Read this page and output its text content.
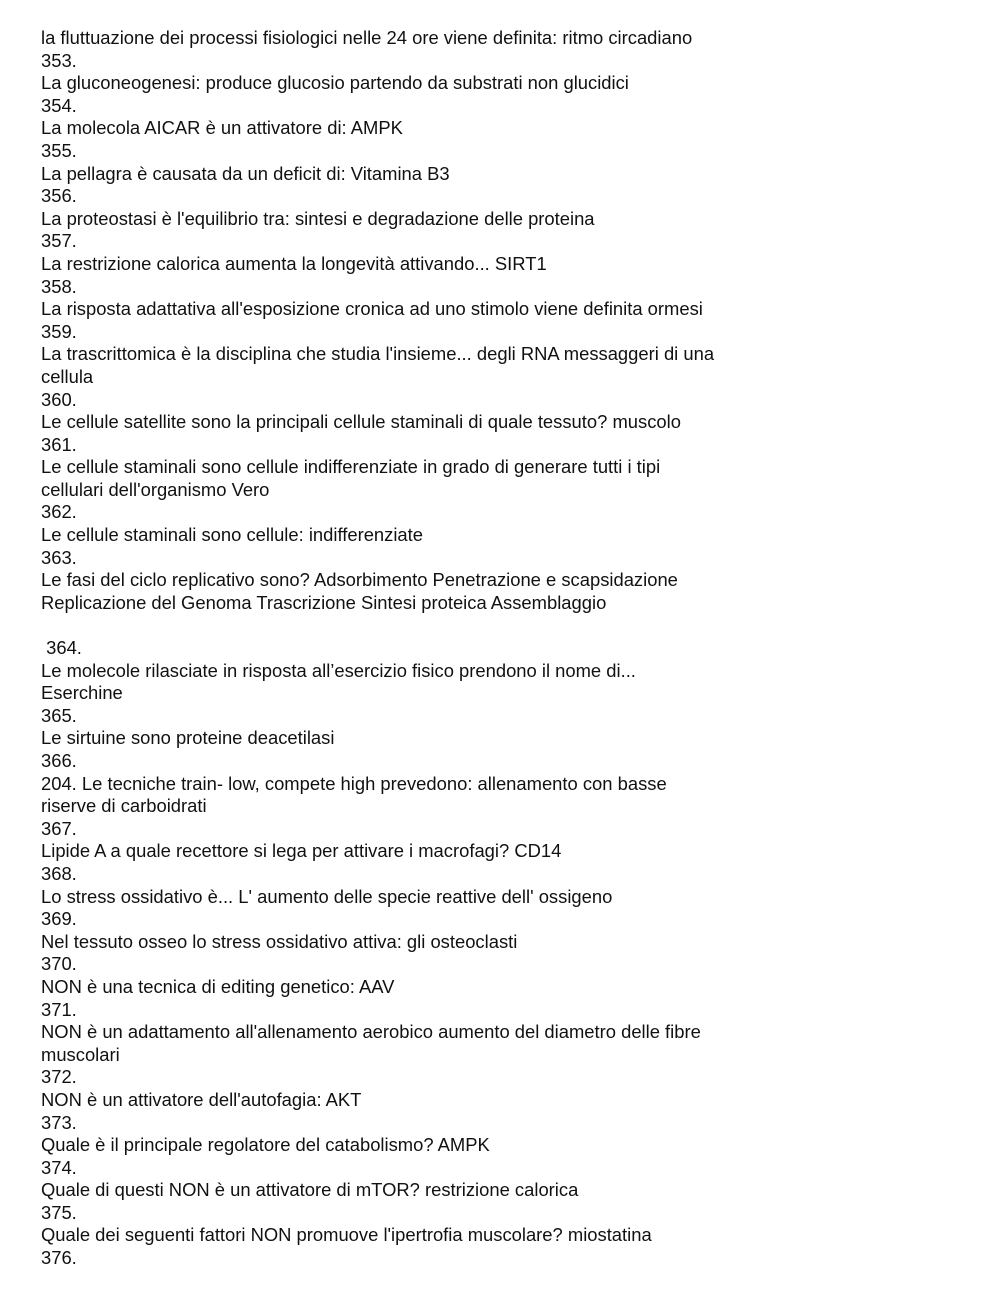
la fluttuazione dei processi fisiologici nelle 24 ore viene definita: ritmo circadiano
353.
La gluconeogenesi: produce glucosio partendo da substrati non glucidici
354.
La molecola AICAR è un attivatore di: AMPK
355.
La pellagra è causata da un deficit di: Vitamina B3
356.
La proteostasi è l'equilibrio tra: sintesi e degradazione delle proteina
357.
La restrizione calorica aumenta la longevità attivando... SIRT1
358.
La risposta adattativa all'esposizione cronica ad uno stimolo viene definita ormesi
359.
La trascrittomica è la disciplina che studia l'insieme... degli RNA messaggeri di una
cellula
360.
Le cellule satellite sono la principali cellule staminali di quale tessuto? muscolo
361.
Le cellule staminali sono cellule indifferenziate in grado di generare tutti i tipi
cellulari dell'organismo Vero
362.
Le cellule staminali sono cellule: indifferenziate
363.
Le fasi del ciclo replicativo sono? Adsorbimento Penetrazione e scapsidazione
Replicazione del Genoma Trascrizione Sintesi proteica Assemblaggio
364.
Le molecole rilasciate in risposta all’esercizio fisico prendono il nome di...
Eserchine
365.
Le sirtuine sono proteine deacetilasi
366.
204. Le tecniche train- low, compete high prevedono: allenamento con basse
riserve di carboidrati
367.
Lipide A a quale recettore si lega per attivare i macrofagi? CD14
368.
Lo stress ossidativo è... L' aumento delle specie reattive dell' ossigeno
369.
Nel tessuto osseo lo stress ossidativo attiva: gli osteoclasti
370.
NON è una tecnica di editing genetico: AAV
371.
NON è un adattamento all'allenamento aerobico aumento del diametro delle fibre
muscolari
372.
NON è un attivatore dell'autofagia: AKT
373.
Quale è il principale regolatore del catabolismo? AMPK
374.
Quale di questi NON è un attivatore di mTOR? restrizione calorica
375.
Quale dei seguenti fattori NON promuove l'ipertrofia muscolare? miostatina
376.
